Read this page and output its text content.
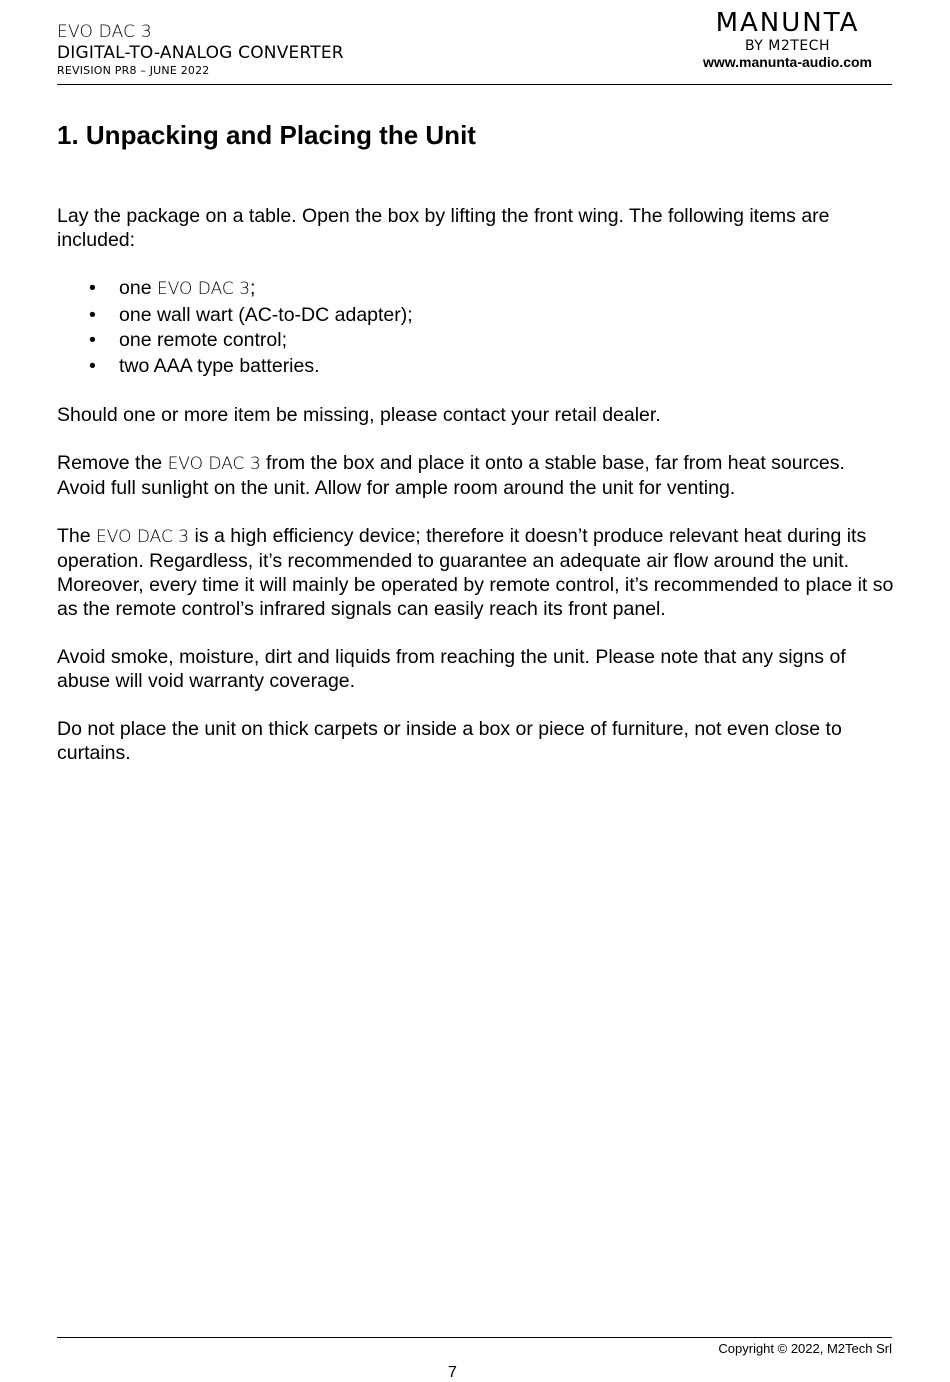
EVO DAC 3
DIGITAL-TO-ANALOG CONVERTER
REVISION PR8 – JUNE 2022
MANUNTA
BY M2TECH
www.manunta-audio.com
1. Unpacking and Placing the Unit

Lay the package on a table. Open the box by lifting the front wing. The following items are included:

• one EVO DAC 3;
• one wall wart (AC-to-DC adapter);
• one remote control;
• two AAA type batteries.

Should one or more item be missing, please contact your retail dealer.

Remove the EVO DAC 3 from the box and place it onto a stable base, far from heat sources. Avoid full sunlight on the unit. Allow for ample room around the unit for venting.

The EVO DAC 3 is a high efficiency device; therefore it doesn’t produce relevant heat during its operation. Regardless, it’s recommended to guarantee an adequate air flow around the unit. Moreover, every time it will mainly be operated by remote control, it’s recommended to place it so as the remote control’s infrared signals can easily reach its front panel.

Avoid smoke, moisture, dirt and liquids from reaching the unit. Please note that any signs of abuse will void warranty coverage.

Do not place the unit on thick carpets or inside a box or piece of furniture, not even close to curtains.

Copyright © 2022, M2Tech Srl
7
